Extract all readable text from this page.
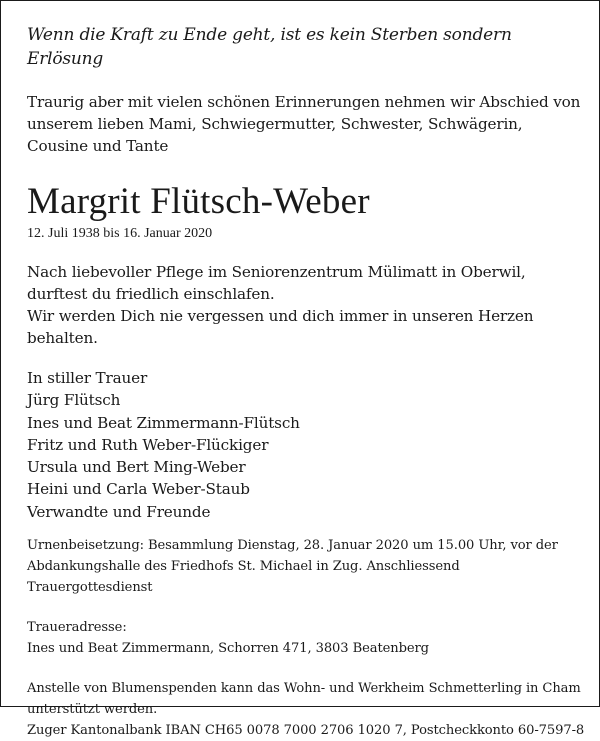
Wenn die Kraft zu Ende geht, ist es kein Sterben sondern Erlösung

Traurig aber mit vielen schönen Erinnerungen nehmen wir Abschied von unserem lieben Mami, Schwiegermutter, Schwester, Schwägerin, Cousine und Tante

Margrit Flütsch-Weber

12. Juli 1938 bis 16. Januar 2020

Nach liebevoller Pflege im Seniorenzentrum Mülimatt in Oberwil, durftest du friedlich einschlafen.
Wir werden Dich nie vergessen und dich immer in unseren Herzen behalten.

In stiller Trauer
Jürg Flütsch
Ines und Beat Zimmermann-Flütsch
Fritz und Ruth Weber-Flückiger
Ursula und Bert Ming-Weber
Heini und Carla Weber-Staub
Verwandte und Freunde

Urnenbeisetzung: Besammlung Dienstag, 28. Januar 2020 um 15.00 Uhr, vor der Abdankungshalle des Friedhofs St. Michael in Zug. Anschliessend Trauergottesdienst

Traueradresse:

Ines und Beat Zimmermann, Schorren 471, 3803 Beatenberg

Anstelle von Blumenspenden kann das Wohn- und Werkheim Schmetterling in Cham unterstützt werden.

Zuger Kantonalbank IBAN CH65 0078 7000 2706 1020 7, Postcheckkonto 60-7597-8
